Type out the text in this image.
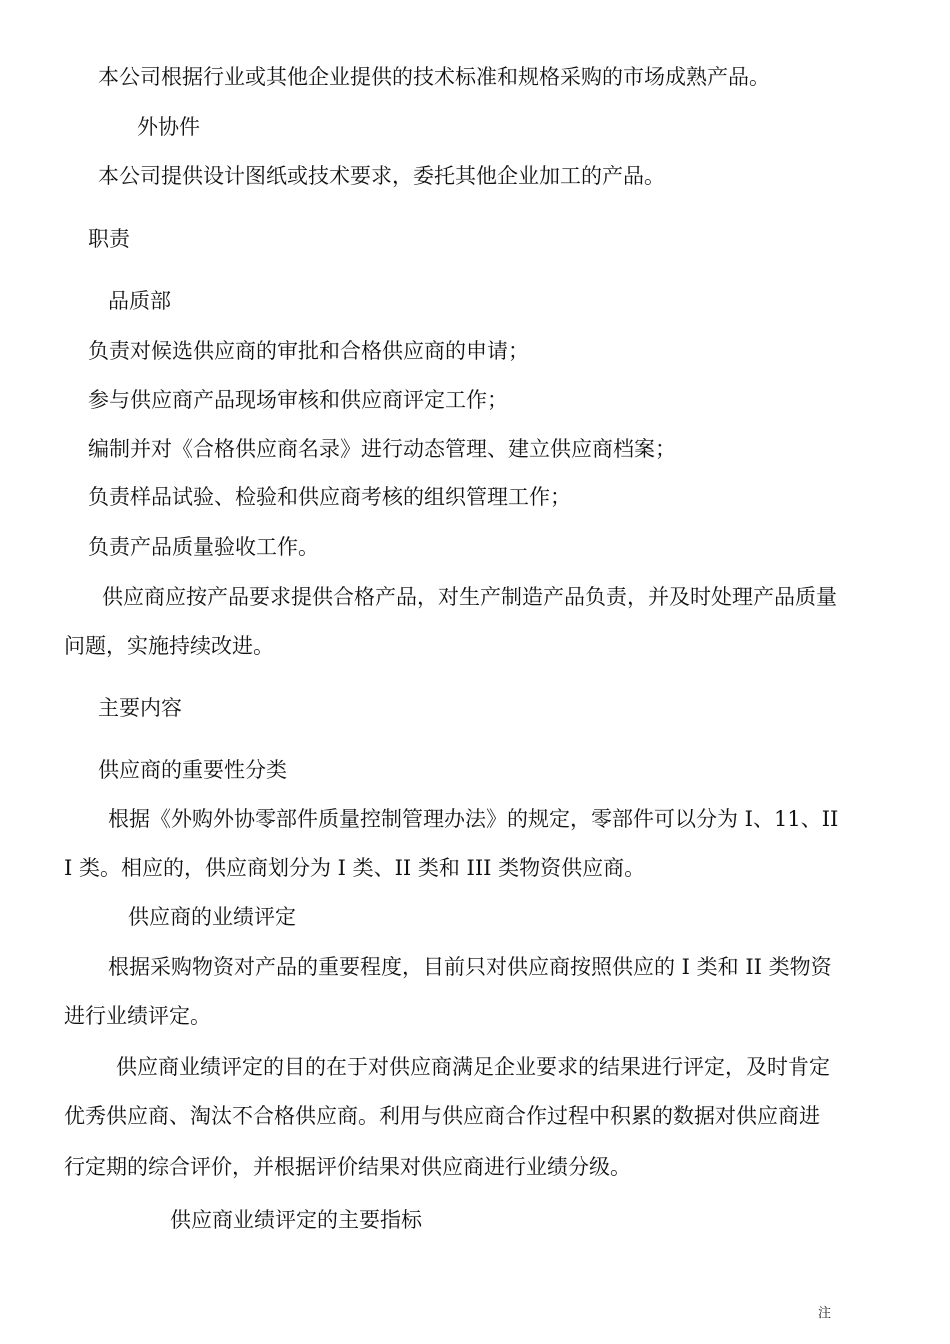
本公司根据行业或其他企业提供的技术标准和规格采购的市场成熟产品。
外协件
本公司提供设计图纸或技术要求，委托其他企业加工的产品。
职责
品质部
负责对候选供应商的审批和合格供应商的申请；
参与供应商产品现场审核和供应商评定工作；
编制并对《合格供应商名录》进行动态管理、建立供应商档案；
负责样品试验、检验和供应商考核的组织管理工作；
负责产品质量验收工作。
供应商应按产品要求提供合格产品，对生产制造产品负责，并及时处理产品质量
问题，实施持续改进。
主要内容
供应商的重要性分类
根据《外购外协零部件质量控制管理办法》的规定，零部件可以分为 I、11、II
I 类。相应的，供应商划分为 I 类、II 类和 III 类物资供应商。
供应商的业绩评定
根据采购物资对产品的重要程度，目前只对供应商按照供应的 I 类和 II 类物资
进行业绩评定。
供应商业绩评定的目的在于对供应商满足企业要求的结果进行评定，及时肯定
优秀供应商、淘汰不合格供应商。利用与供应商合作过程中积累的数据对供应商进
行定期的综合评价，并根据评价结果对供应商进行业绩分级。
供应商业绩评定的主要指标
注
